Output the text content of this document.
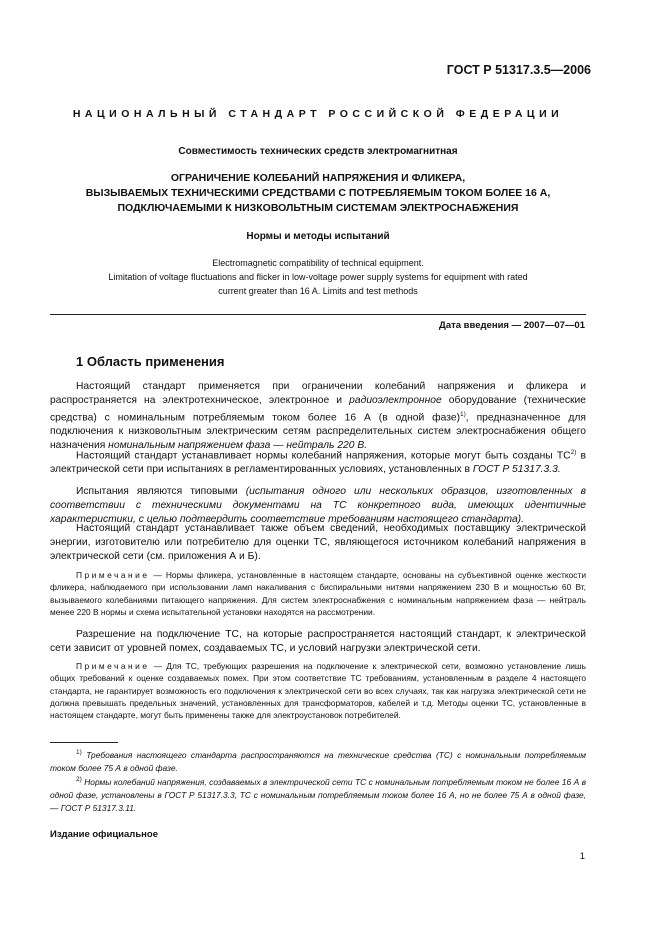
ГОСТ Р 51317.3.5—2006
НАЦИОНАЛЬНЫЙ СТАНДАРТ РОССИЙСКОЙ ФЕДЕРАЦИИ
Совместимость технических средств электромагнитная
ОГРАНИЧЕНИЕ КОЛЕБАНИЙ НАПРЯЖЕНИЯ И ФЛИКЕРА,
ВЫЗЫВАЕМЫХ ТЕХНИЧЕСКИМИ СРЕДСТВАМИ С ПОТРЕБЛЯЕМЫМ ТОКОМ БОЛЕЕ 16 А,
ПОДКЛЮЧАЕМЫМИ К НИЗКОВОЛЬТНЫМ СИСТЕМАМ ЭЛЕКТРОСНАБЖЕНИЯ
Нормы и методы испытаний
Electromagnetic compatibility of technical equipment.
Limitation of voltage fluctuations and flicker in low-voltage power supply systems for equipment with rated
current greater than 16 A. Limits and test methods
Дата введения — 2007—07—01
1 Область применения

Настоящий стандарт применяется при ограничении колебаний напряжения и фликера и распространяется на электротехническое, электронное и радиоэлектронное оборудование (технические средства) с номинальным потребляемым током более 16 А (в одной фазе)$^{1)}$, предназначенное для подключения к низковольтным электрическим сетям распределительных систем электроснабжения общего назначения номинальным напряжением фаза — нейтраль 220 В.

Настоящий стандарт устанавливает нормы колебаний напряжения, которые могут быть созданы ТС$^{2)}$ в электрической сети при испытаниях в регламентированных условиях, установленных в ГОСТ Р 51317.3.3.

Испытания являются типовыми (испытания одного или нескольких образцов, изготовленных в соответствии с техническими документами на ТС конкретного вида, имеющих идентичные характеристики, с целью подтвердить соответствие требованиям настоящего стандарта).

Настоящий стандарт устанавливает также объем сведений, необходимых поставщику электрической энергии, изготовителю или потребителю для оценки ТС, являющегося источником колебаний напряжения в электрической сети (см. приложения А и Б).

Примечание — Нормы фликера, установленные в настоящем стандарте, основаны на субъективной оценке жесткости фликера, наблюдаемого при использовании ламп накаливания с биспиральными нитями напряжением 230 В и мощностью 60 Вт, вызываемого колебаниями питающего напряжения. Для систем электроснабжения с номинальным напряжением фаза — нейтраль менее 220 В нормы и схема испытательной установки находятся на рассмотрении.

Разрешение на подключение ТС, на которые распространяется настоящий стандарт, к электрической сети зависит от уровней помех, создаваемых ТС, и условий нагрузки электрической сети.

Примечание — Для ТС, требующих разрешения на подключение к электрической сети, возможно установление лишь общих требований к оценке создаваемых помех. При этом соответствие ТС требованиям, установленным в разделе 4 настоящего стандарта, не гарантирует возможность его подключения к электрической сети во всех случаях, так как нагрузка электрической сети не должна превышать предельных значений, установленных для трансформаторов, кабелей и т.д. Методы оценки ТС, установленные в настоящем стандарте, могут быть применены также для электроустановок потребителей.

$^{1)}$ Требования настоящего стандарта распространяются на технические средства (ТС) с номинальным потребляемым током более 75 А в одной фазе.

$^{2)}$ Нормы колебаний напряжения, создаваемых в электрической сети ТС с номинальным потребляемым током не более 16 А в одной фазе, установлены в ГОСТ Р 51317.3.3, ТС с номинальным потребляемым током более 16 А, но не более 75 А в одной фазе, — ГОСТ Р 51317.3.11.

Издание официальное
1
